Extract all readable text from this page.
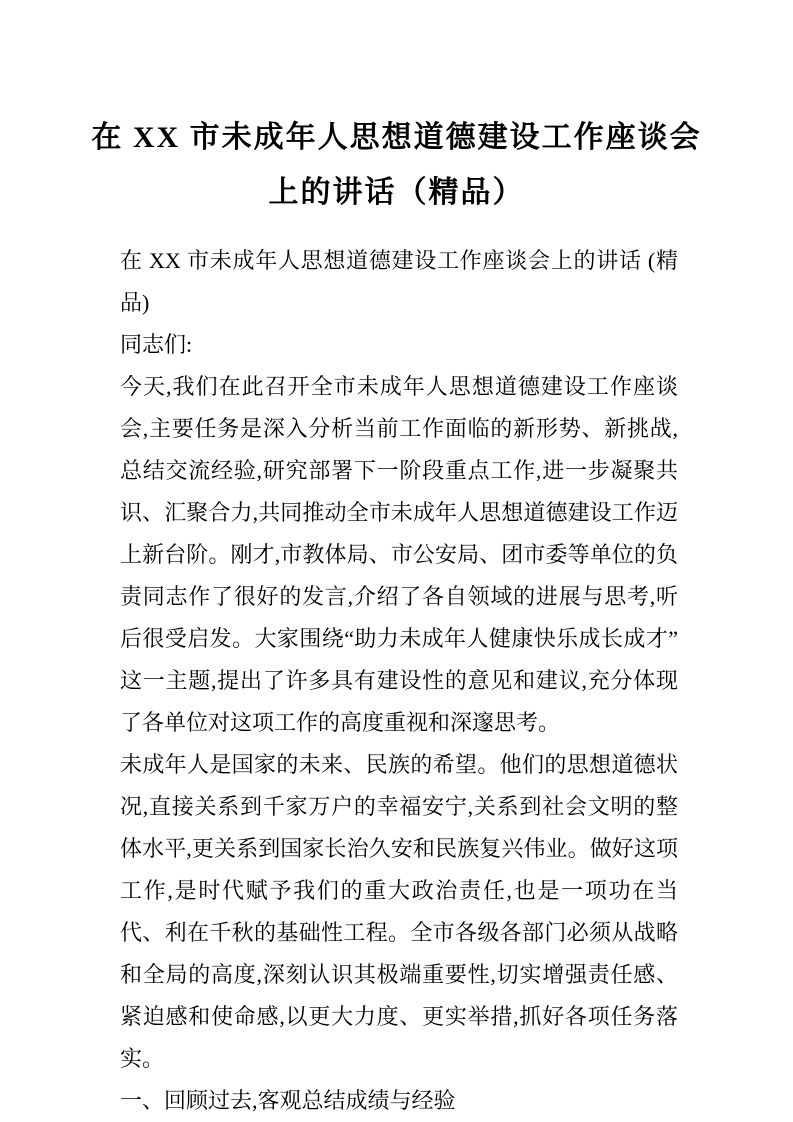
在 XX 市未成年人思想道德建设工作座谈会
上的讲话（精品）

在 XX 市未成年人思想道德建设工作座谈会上的讲话 (精品)

同志们:

今天,我们在此召开全市未成年人思想道德建设工作座谈会,主要任务是深入分析当前工作面临的新形势、新挑战,总结交流经验,研究部署下一阶段重点工作,进一步凝聚共识、汇聚合力,共同推动全市未成年人思想道德建设工作迈上新台阶。刚才,市教体局、市公安局、团市委等单位的负责同志作了很好的发言,介绍了各自领域的进展与思考,听后很受启发。大家围绕“助力未成年人健康快乐成长成才”这一主题,提出了许多具有建设性的意见和建议,充分体现了各单位对这项工作的高度重视和深邃思考。

未成年人是国家的未来、民族的希望。他们的思想道德状况,直接关系到千家万户的幸福安宁,关系到社会文明的整体水平,更关系到国家长治久安和民族复兴伟业。做好这项工作,是时代赋予我们的重大政治责任,也是一项功在当代、利在千秋的基础性工程。全市各级各部门必须从战略和全局的高度,深刻认识其极端重要性,切实增强责任感、紧迫感和使命感,以更大力度、更实举措,抓好各项任务落实。

一、回顾过去,客观总结成绩与经验
